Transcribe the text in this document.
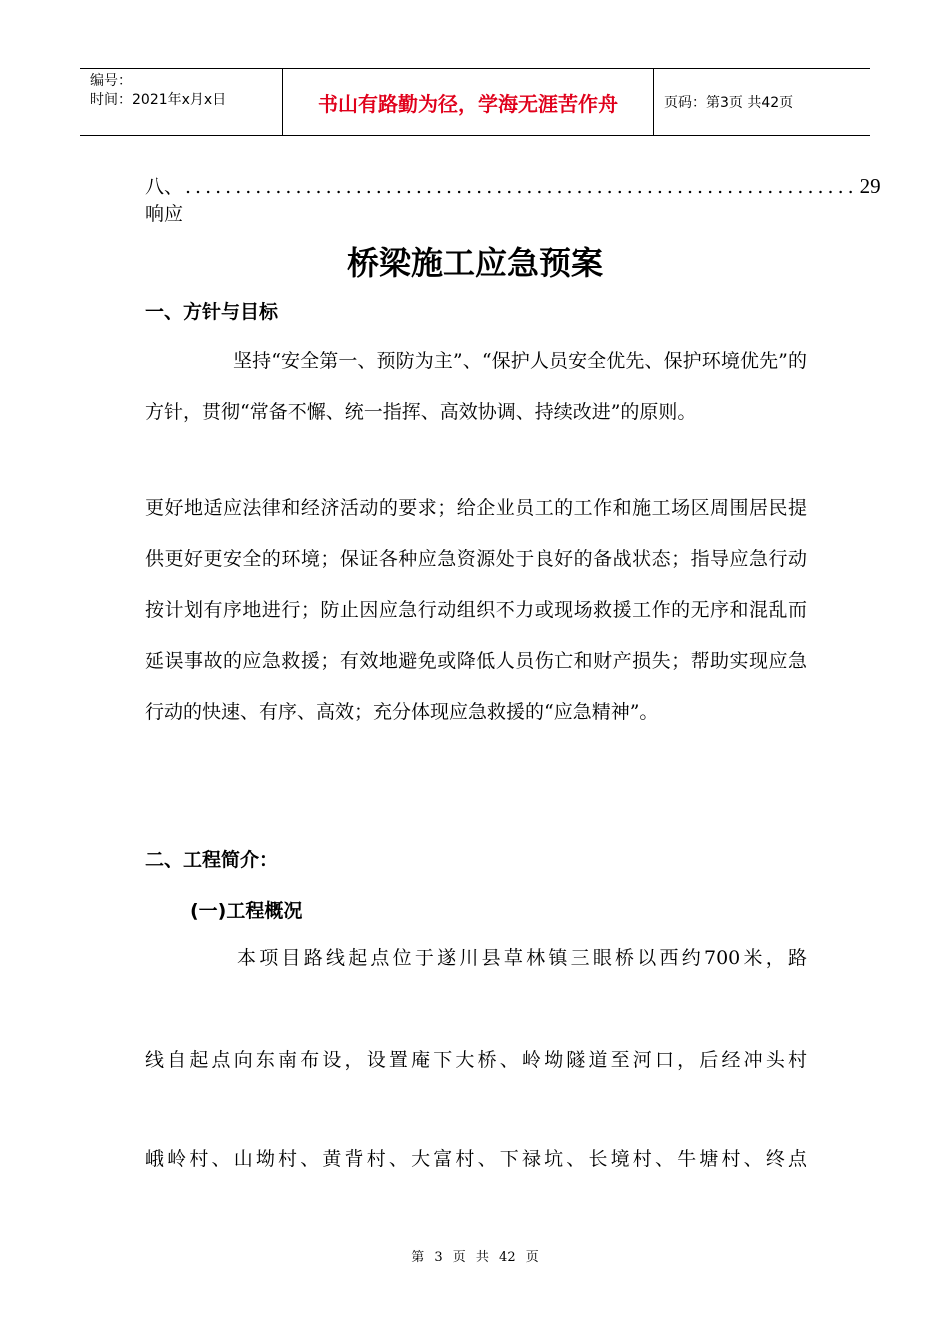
编号：
时间：2021年x月x日	书山有路勤为径，学海无涯苦作舟	页码：第3页 共42页
八、响应
................................................................... 29
桥梁施工应急预案
一、方针与目标

坚持“安全第一、预防为主”、“保护人员安全优先、保护环境优先”的方针，贯彻“常备不懈、统一指挥、高效协调、持续改进”的原则。

更好地适应法律和经济活动的要求；给企业员工的工作和施工场区周围居民提供更好更安全的环境；保证各种应急资源处于良好的备战状态；指导应急行动按计划有序地进行；防止因应急行动组织不力或现场救援工作的无序和混乱而延误事故的应急救援；有效地避免或降低人员伤亡和财产损失；帮助实现应急行动的快速、有序、高效；充分体现应急救援的“应急精神”。

二、工程简介：
(一)工程概况
本项目路线起点位于遂川县草林镇三眼桥以西约700米，路
线自起点向东南布设，设置庵下大桥、岭坳隧道至河口，后经冲头村
峨岭村、山坳村、黄背村、大富村、下禄坑、长境村、牛塘村、终点
第 3 页 共 42 页
